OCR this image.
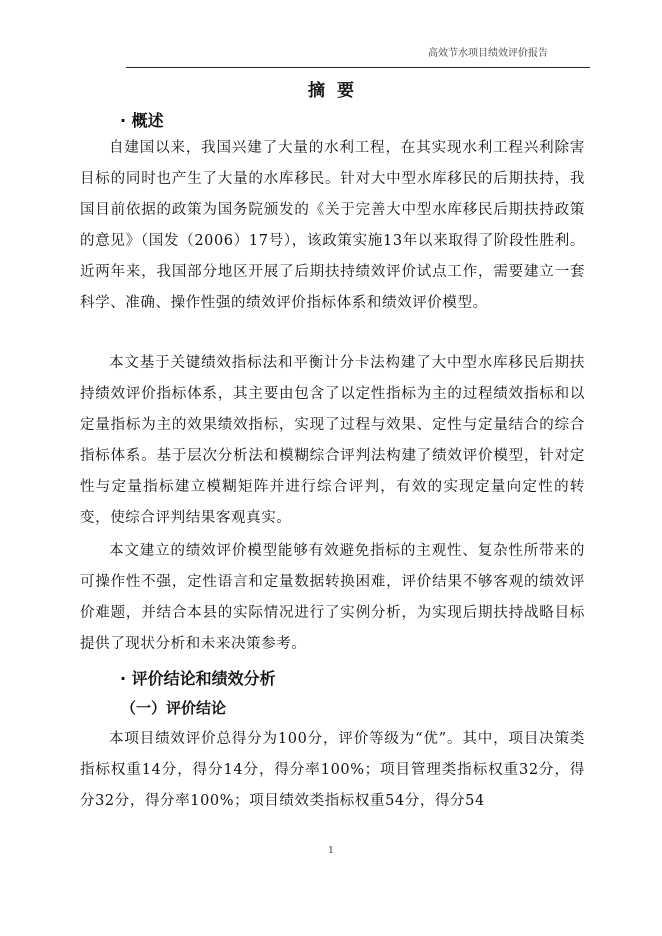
高效节水项目绩效评价报告
摘要
· 概述
自建国以来，我国兴建了大量的水利工程，在其实现水利工程兴利除害目标的同时也产生了大量的水库移民。针对大中型水库移民的后期扶持，我国目前依据的政策为国务院颁发的《关于完善大中型水库移民后期扶持政策的意见》（国发（2006）17号），该政策实施13年以来取得了阶段性胜利。近两年来，我国部分地区开展了后期扶持绩效评价试点工作，需要建立一套科学、准确、操作性强的绩效评价指标体系和绩效评价模型。
本文基于关键绩效指标法和平衡计分卡法构建了大中型水库移民后期扶持绩效评价指标体系，其主要由包含了以定性指标为主的过程绩效指标和以定量指标为主的效果绩效指标，实现了过程与效果、定性与定量结合的综合指标体系。基于层次分析法和模糊综合评判法构建了绩效评价模型，针对定性与定量指标建立模糊矩阵并进行综合评判，有效的实现定量向定性的转变，使综合评判结果客观真实。
本文建立的绩效评价模型能够有效避免指标的主观性、复杂性所带来的可操作性不强，定性语言和定量数据转换困难，评价结果不够客观的绩效评价难题，并结合本县的实际情况进行了实例分析，为实现后期扶持战略目标提供了现状分析和未来决策参考。
· 评价结论和绩效分析
（一）评价结论
本项目绩效评价总得分为100分，评价等级为“优”。其中，项目决策类指标权重14分，得分14分，得分率100%；项目管理类指标权重32分，得分32分，得分率100%；项目绩效类指标权重54分，得分54
1
